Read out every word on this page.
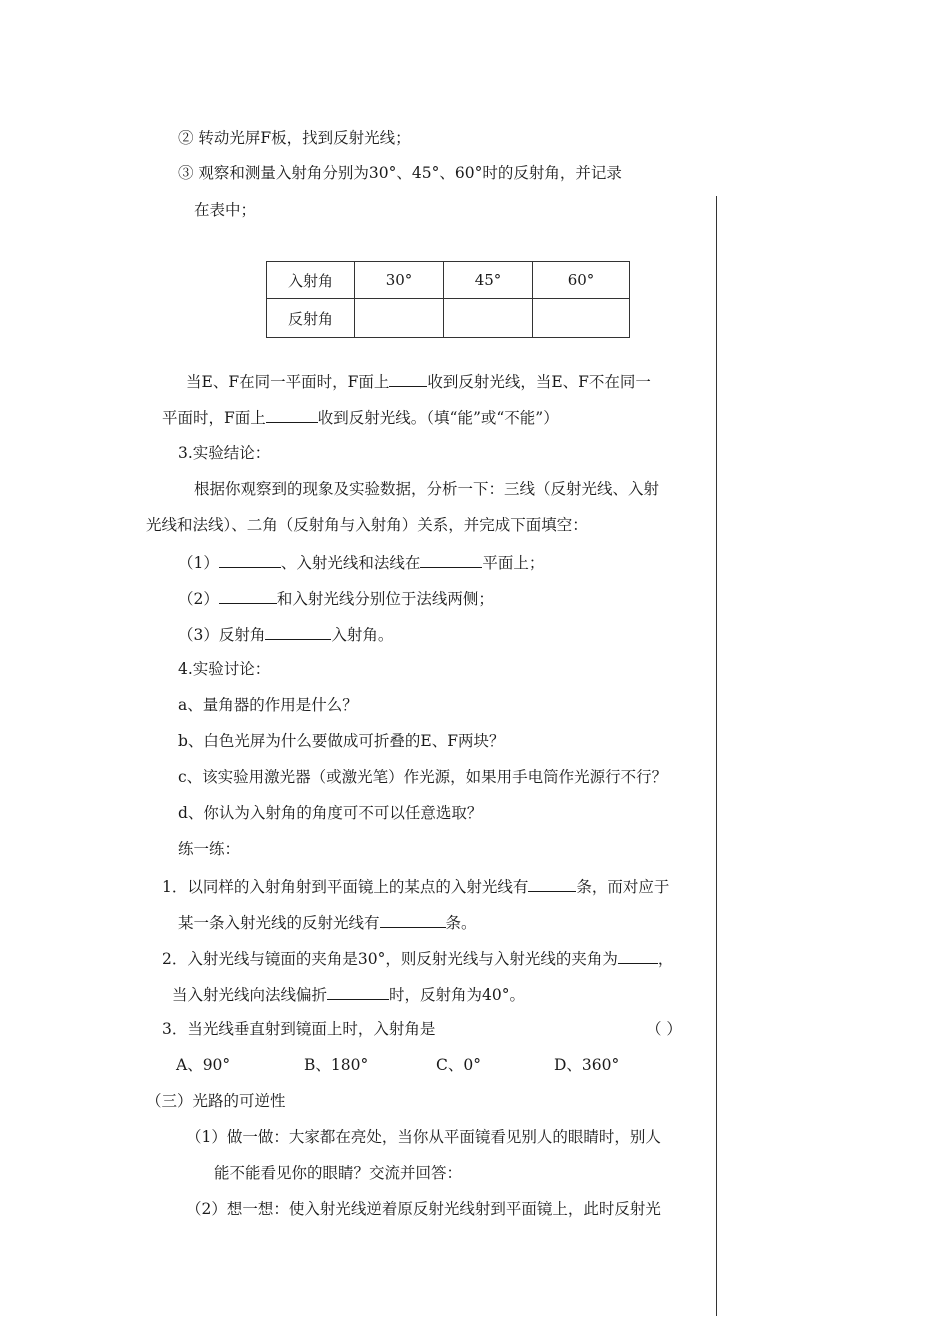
② 转动光屏F板，找到反射光线；
③ 观察和测量入射角分别为30°、45°、60°时的反射角，并记录
在表中；
入射角	30°	45°	60°
反射角			
当E、F在同一平面时，F面上 收到反射光线，当E、F不在同一
平面时，F面上	收到反射光线。（填“能”或“不能”）
3.实验结论：
根据你观察到的现象及实验数据，分析一下：三线（反射光线、入射
光线和法线）、二角（反射角与入射角）关系，并完成下面填空：
（1）	、入射光线和法线在	平面上；
（2）	和入射光线分别位于法线两侧；
（3）反射角	入射角。
4.实验讨论：
a、量角器的作用是什么？
b、白色光屏为什么要做成可折叠的E、F两块？
c、该实验用激光器（或激光笔）作光源，如果用手电筒作光源行不行？
d、你认为入射角的角度可不可以任意选取？
练一练：
1．以同样的入射角射到平面镜上的某点的入射光线有	条，而对应于
某一条入射光线的反射光线有	条。
2．入射光线与镜面的夹角是30°，则反射光线与入射光线的夹角为	，
当入射光线向法线偏折	时，反射角为40°。
3．当光线垂直射到镜面上时，入射角是	（ ）
A、90°	B、180°	C、0°	D、360°
（三）光路的可逆性
（1）做一做：大家都在亮处，当你从平面镜看见别人的眼睛时，别人
能不能看见你的眼睛？交流并回答：
（2）想一想：使入射光线逆着原反射光线射到平面镜上，此时反射光
